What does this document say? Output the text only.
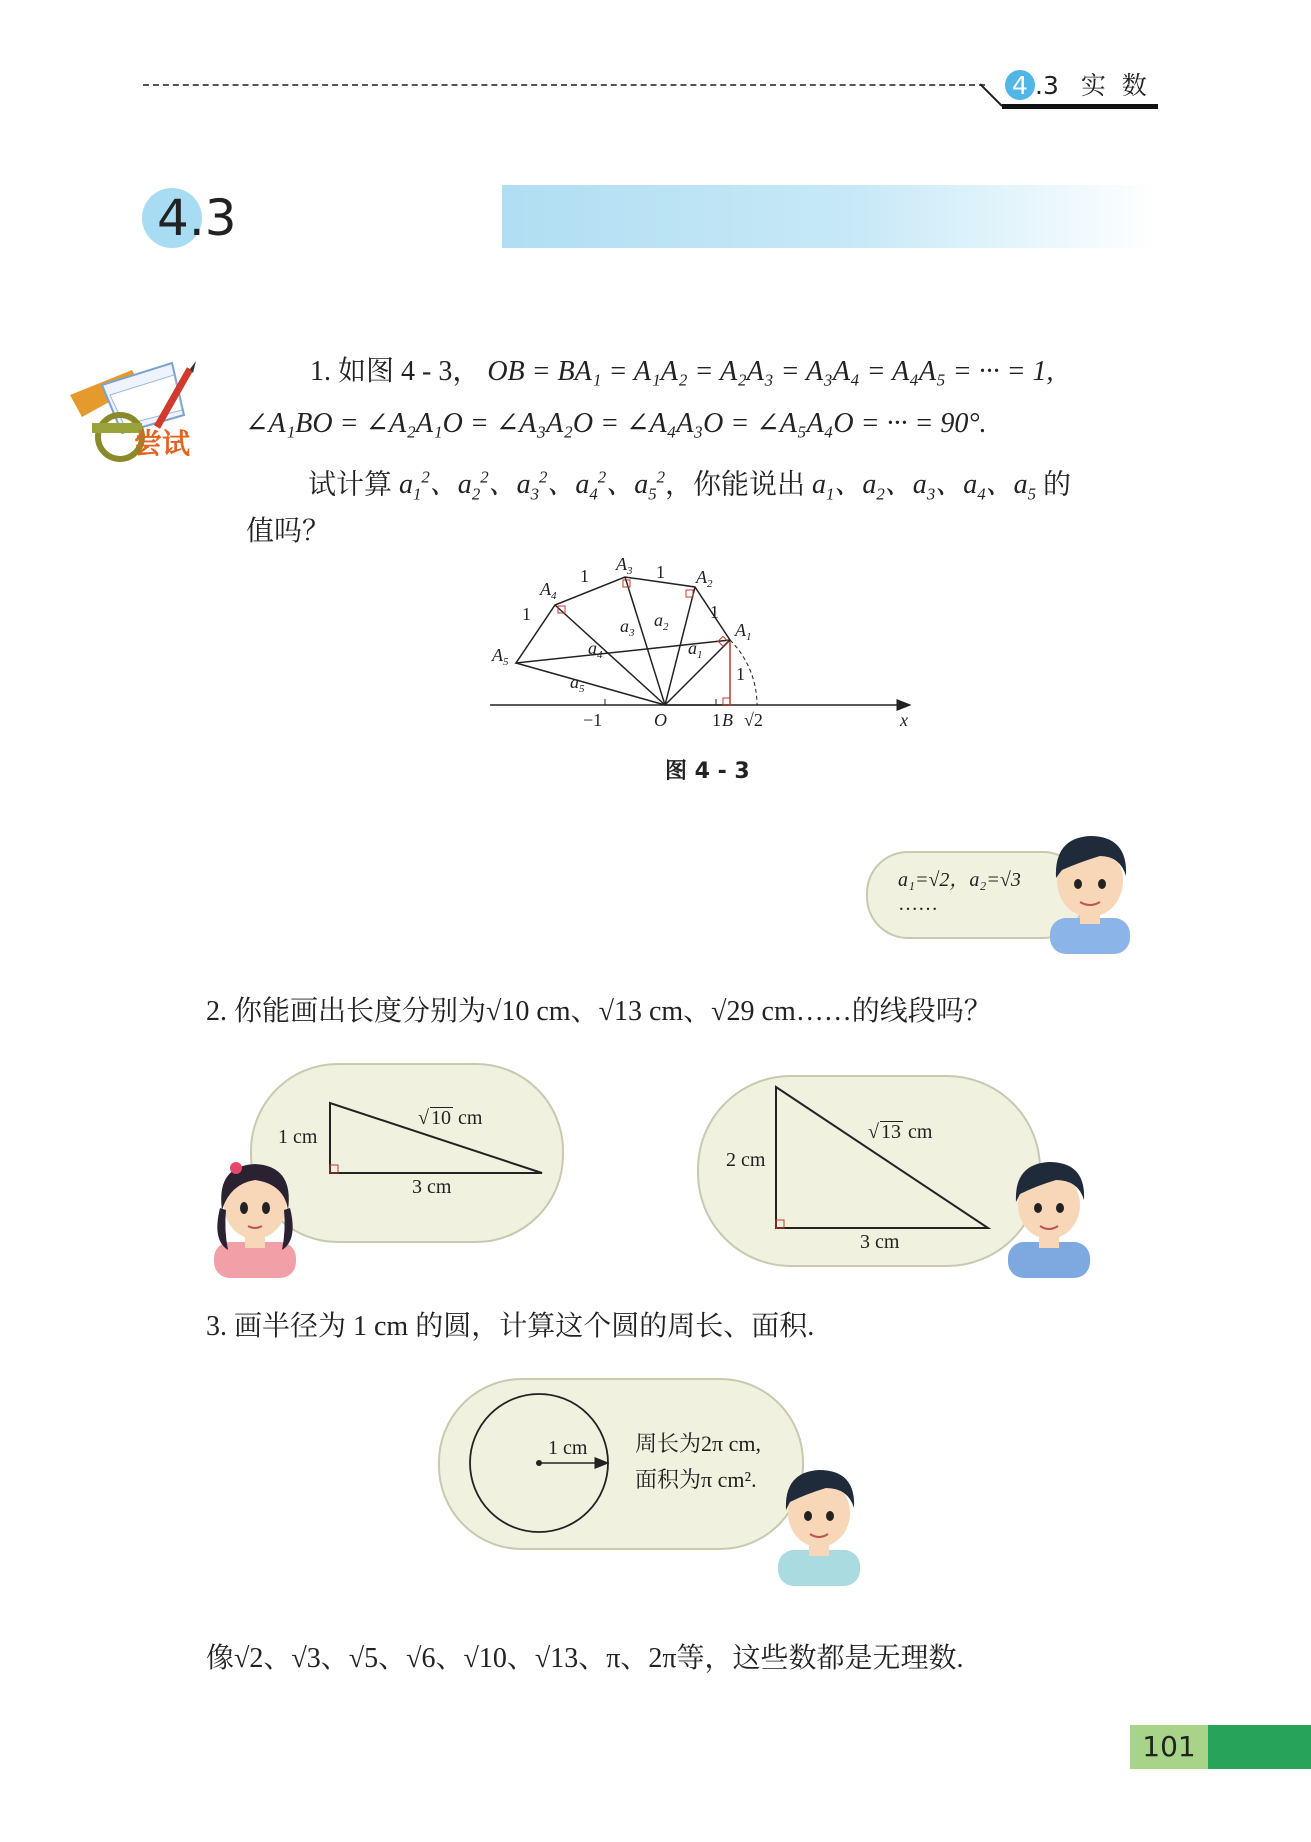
4 .3 实 数
4.3
尝试
1. 如图 4 - 3， OB = BA₁ = A₁A₂ = A₂A₃ = A₃A₄ = A₄A₅ = ··· = 1,
∠A₁BO = ∠A₂A₁O = ∠A₃A₂O = ∠A₄A₃O = ∠A₅A₄O = ··· = 90°.
试计算 $a_1^2$、$a_2^2$、$a_3^2$、$a_4^2$、$a_5^2$，你能说出 $a_1$、$a_2$、$a_3$、$a_4$、$a_5$ 的
值吗？
$A_1$
$A_2$
$A_3$
$A_4$
$A_5$
$a_1$
$a_2$
$a_3$
$a_4$
$a_5$
O	B	x
1
1
1
1
1
1
−1	√2
图 4 - 3
a₁=√2，a₂=√3
……
2. 你能画出长度分别为√10 cm、√13 cm、√29 cm……的线段吗？
1 cm
3 cm
√ 10 cm
2 cm
3 cm
√ 13 cm
3. 画半径为 1 cm 的圆，计算这个圆的周长、面积.
1 cm 周长为2π cm,
面积为π cm².
像√2、√3、√5、√6、√10、√13、π、2π等，这些数都是无理数.
101
